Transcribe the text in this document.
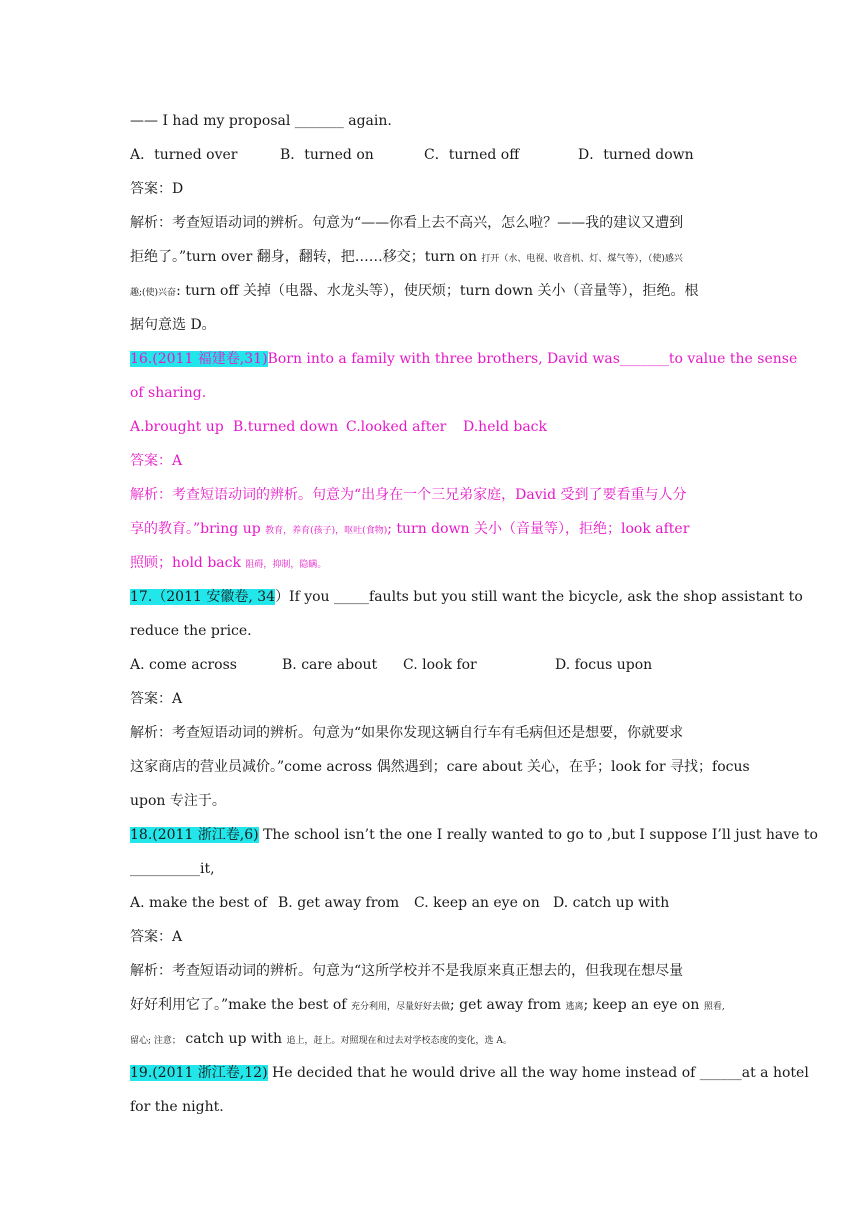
—— I had my proposal _______ again.
A．turned over	B．turned on	C．turned off	D．turned down
答案：D
解析：考查短语动词的辨析。句意为“——你看上去不高兴，怎么啦？——我的建议又遭到
拒绝了。”turn over 翻身，翻转，把……移交；turn on 打开（水、电视、收音机、灯、煤气等），（使)感兴
趣;(使)兴奋: turn off 关掉（电器、水龙头等），使厌烦；turn down 关小（音量等），拒绝。根
据句意选 D。
16.(2011 福建卷,31)Born into a family with three brothers, David was_______to value the sense
of sharing.
A.brought up B.turned down C.looked after	D.held back
答案：A
解析：考查短语动词的辨析。句意为“出身在一个三兄弟家庭，David 受到了要看重与人分
享的教育。”bring up 教育，养育(孩子)，呕吐(食物); turn down 关小（音量等），拒绝；look after
照顾；hold back 阻碍，抑制，隐瞒。
17.（2011 安徽卷, 34）If you _____faults but you still want the bicycle, ask the shop assistant to
reduce the price.
A. come across	B. care about	C. look for	D. focus upon
答案：A
解析：考查短语动词的辨析。句意为“如果你发现这辆自行车有毛病但还是想要，你就要求
这家商店的营业员减价。”come across 偶然遇到；care about 关心，在乎；look for 寻找；focus
upon 专注于。
18.(2011 浙江卷,6) The school isn’t the one I really wanted to go to ,but I suppose I’ll just have to
__________it,
A. make the best of B. get away from	C. keep an eye on D. catch up with
答案：A
解析：考查短语动词的辨析。句意为“这所学校并不是我原来真正想去的，但我现在想尽量
好好利用它了。”make the best of 充分利用，尽量好好去做; get away from 逃离; keep an eye on 照看,
留心; 注意； catch up with 追上，赶上。对照现在和过去对学校态度的变化，选 A。
19.(2011 浙江卷,12) He decided that he would drive all the way home instead of ______at a hotel
for the night.
